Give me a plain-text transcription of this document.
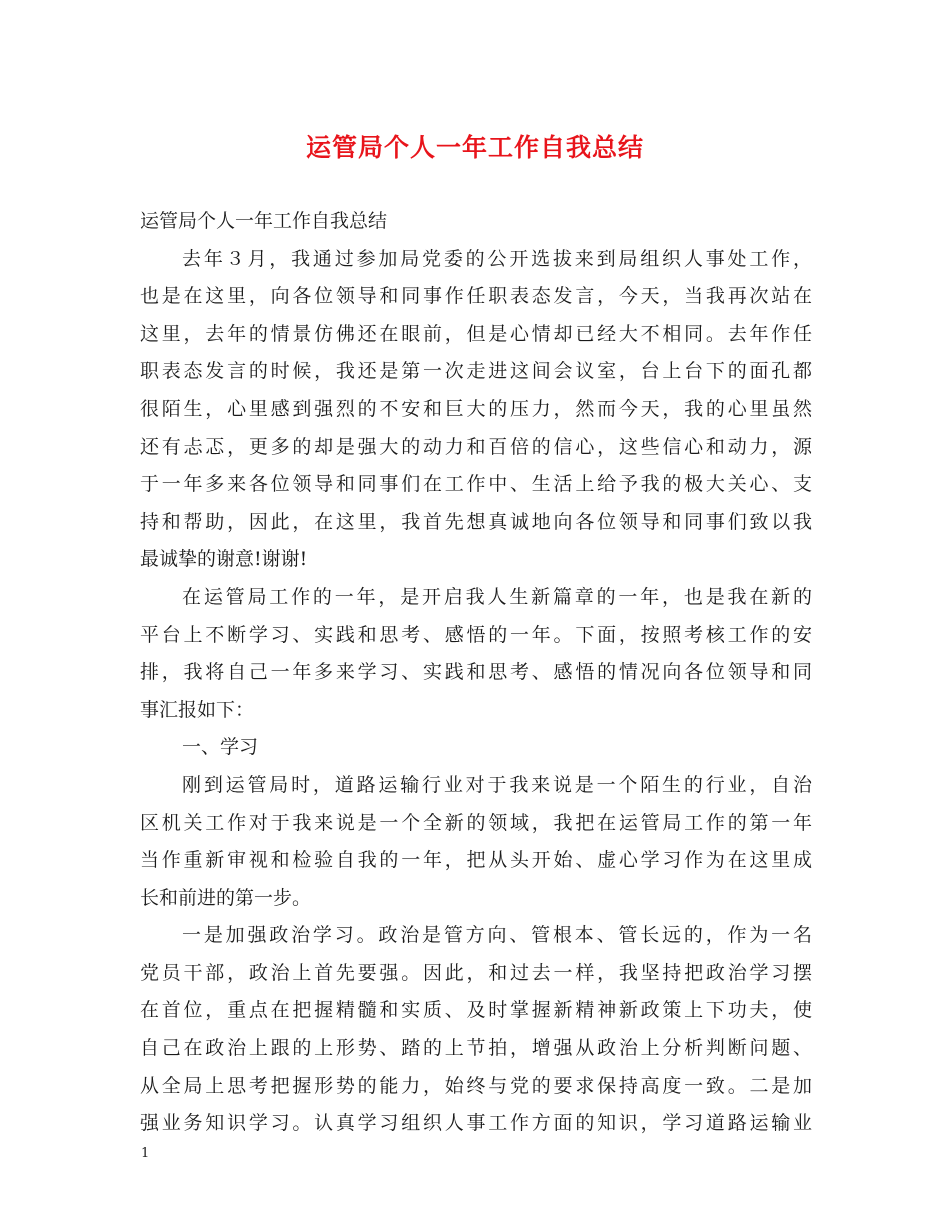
运管局个人一年工作自我总结
运管局个人一年工作自我总结
去年３月，我通过参加局党委的公开选拔来到局组织人事处工作，
也是在这里，向各位领导和同事作任职表态发言，今天，当我再次站在
这里，去年的情景仿佛还在眼前，但是心情却已经大不相同。去年作任
职表态发言的时候，我还是第一次走进这间会议室，台上台下的面孔都
很陌生，心里感到强烈的不安和巨大的压力，然而今天，我的心里虽然
还有忐忑，更多的却是强大的动力和百倍的信心，这些信心和动力，源
于一年多来各位领导和同事们在工作中、生活上给予我的极大关心、支
持和帮助，因此，在这里，我首先想真诚地向各位领导和同事们致以我
最诚挚的谢意!谢谢!
在运管局工作的一年，是开启我人生新篇章的一年，也是我在新的
平台上不断学习、实践和思考、感悟的一年。下面，按照考核工作的安
排，我将自己一年多来学习、实践和思考、感悟的情况向各位领导和同
事汇报如下：
一、学习
刚到运管局时，道路运输行业对于我来说是一个陌生的行业，自治
区机关工作对于我来说是一个全新的领域，我把在运管局工作的第一年
当作重新审视和检验自我的一年，把从头开始、虚心学习作为在这里成
长和前进的第一步。
一是加强政治学习。政治是管方向、管根本、管长远的，作为一名
党员干部，政治上首先要强。因此，和过去一样，我坚持把政治学习摆
在首位，重点在把握精髓和实质、及时掌握新精神新政策上下功夫，使
自己在政治上跟的上形势、踏的上节拍，增强从政治上分析判断问题、
从全局上思考把握形势的能力，始终与党的要求保持高度一致。二是加
强业务知识学习。认真学习组织人事工作方面的知识，学习道路运输业
1
